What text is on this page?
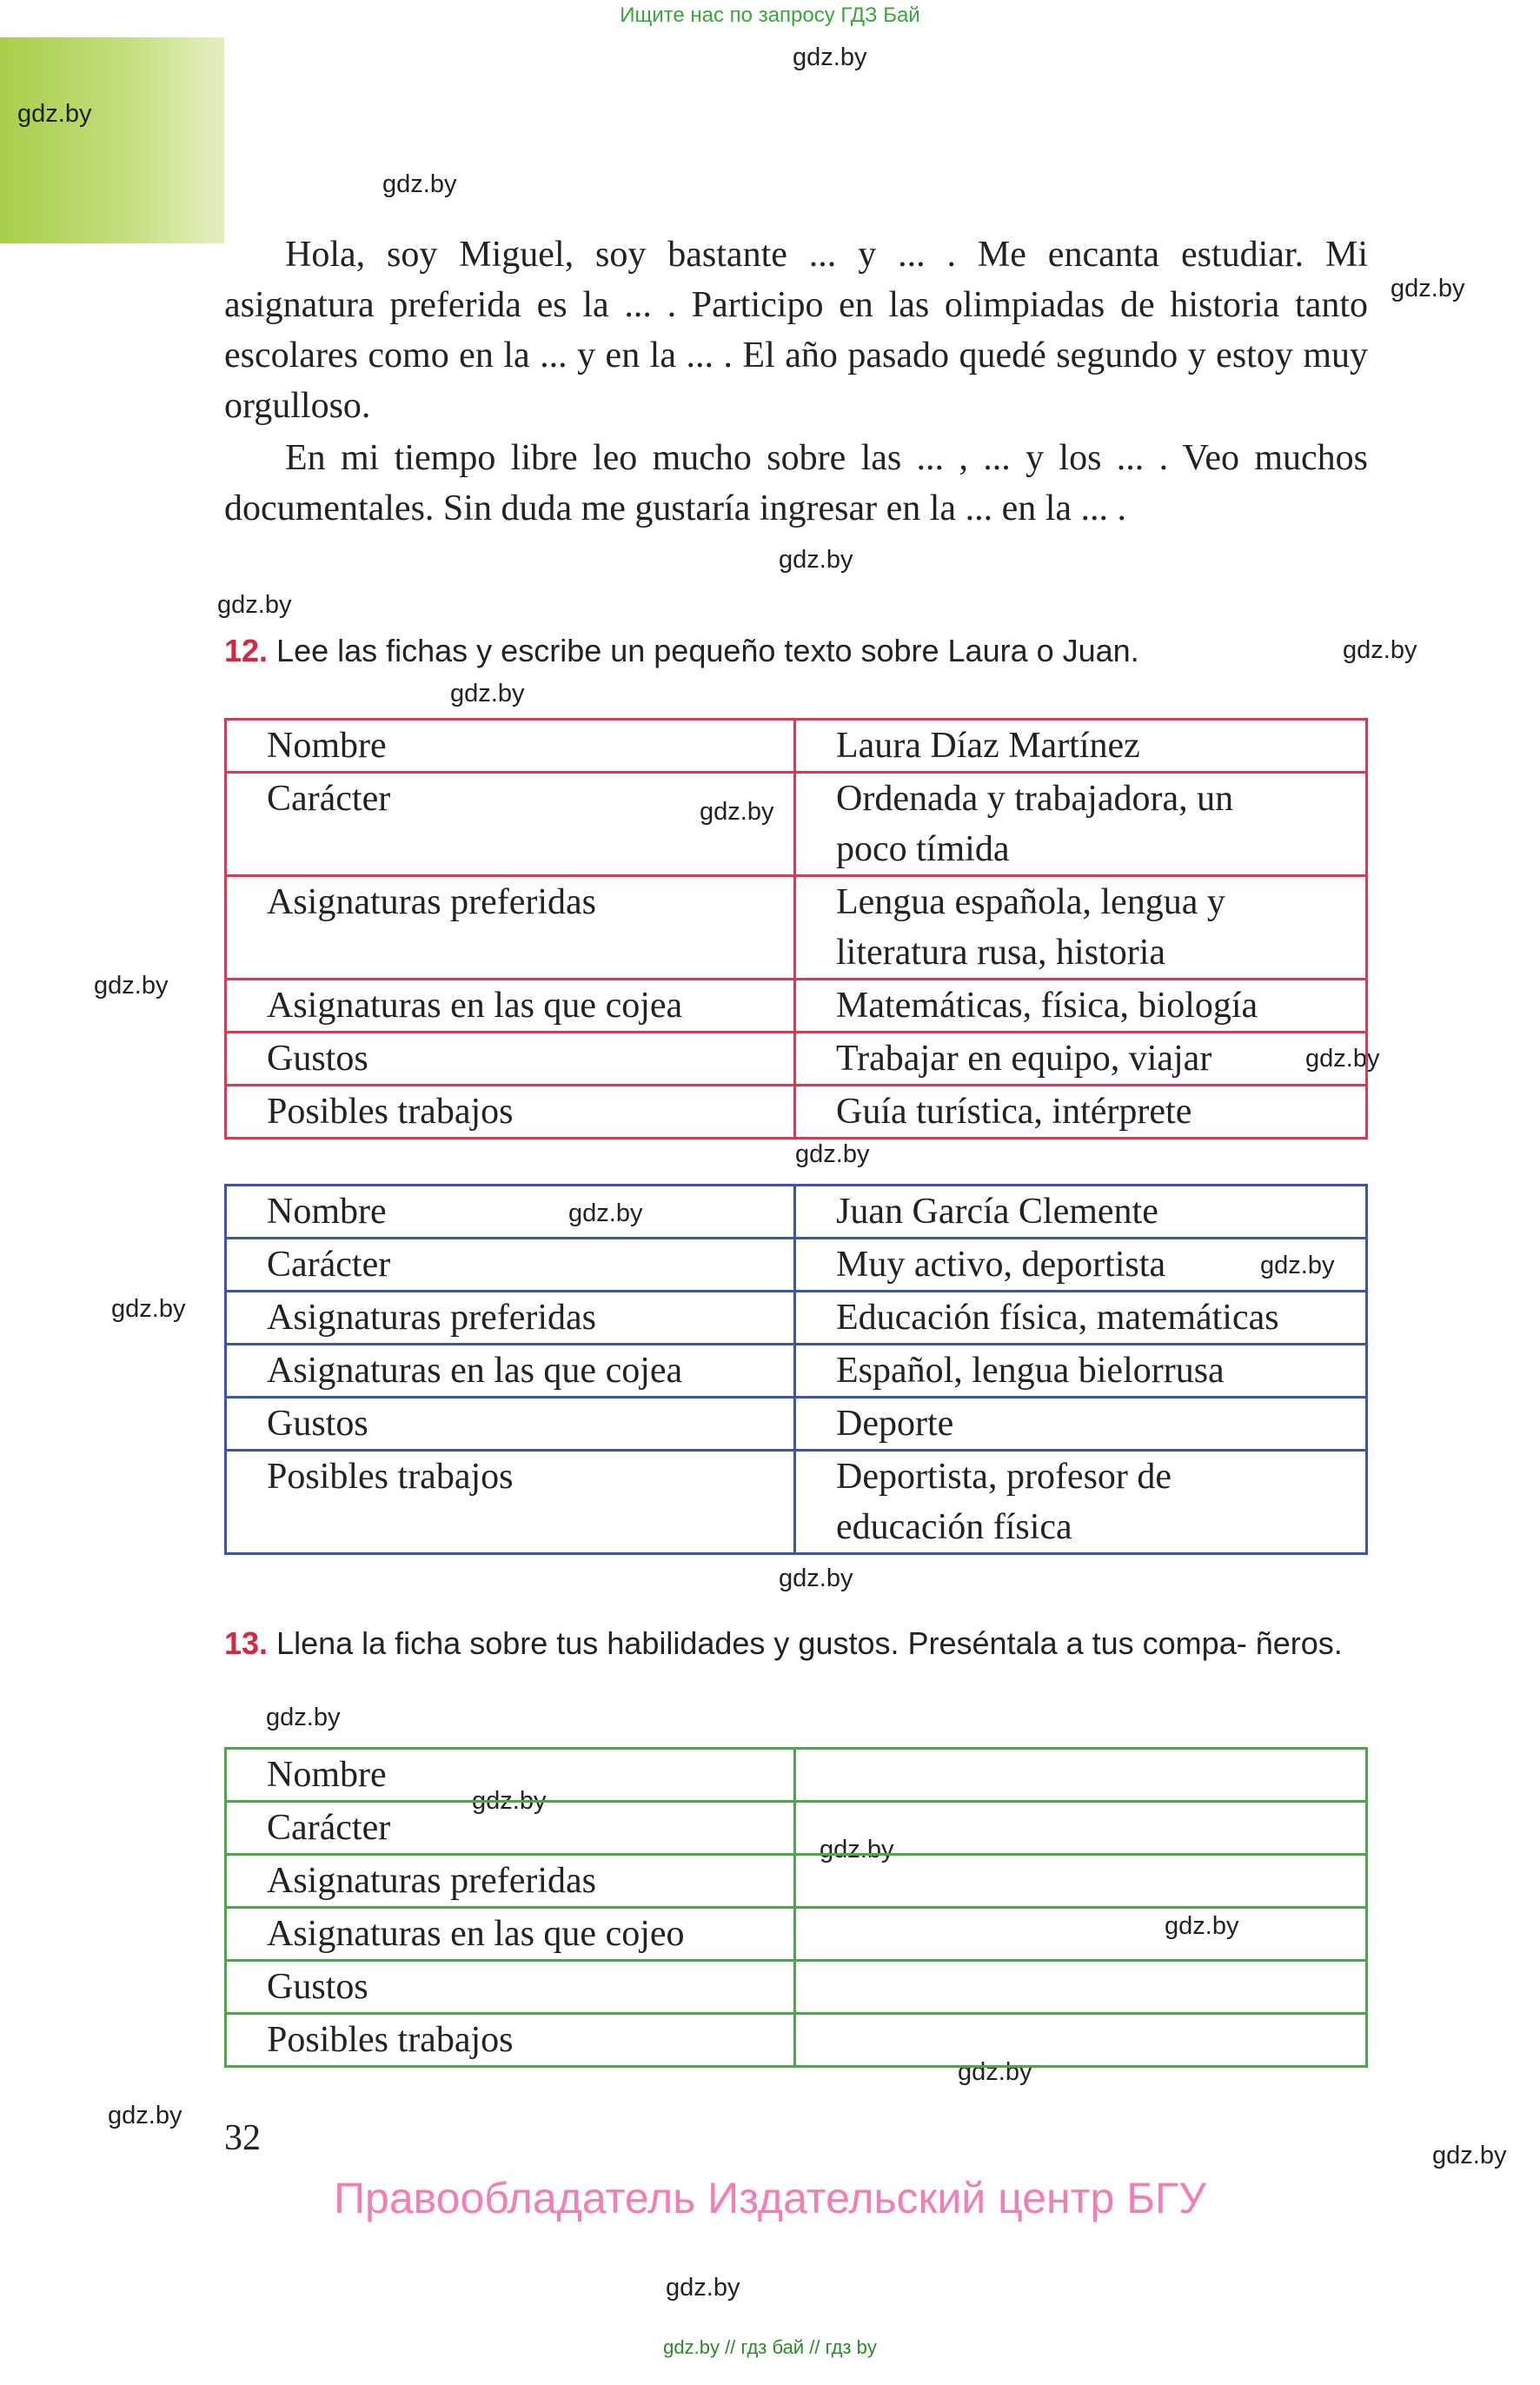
Ищите нас по запросу ГДЗ Бай
gdz.by
gdz.by
gdz.by
gdz.by
gdz.by
gdz.by
gdz.by
gdz.by
gdz.by
gdz.by
gdz.by
gdz.by
gdz.by
gdz.by
gdz.by
gdz.by
gdz.by
gdz.by
gdz.by
gdz.by
gdz.by
gdz.by
gdz.by
gdz.by

Hola, soy Miguel, soy bastante ... y ... . Me encanta estudiar. Mi asignatura preferida es la ... . Participo en las olimpiadas de historia tanto escolares como en la ... y en la ... . El año pasado quedé segundo y estoy muy orgulloso.

En mi tiempo libre leo mucho sobre las ... , ... y los ... . Veo muchos documentales. Sin duda me gustaría ingresar en la ... en la ... .

12. Lee las fichas y escribe un pequeño texto sobre Laura o Juan.
Nombre	Laura Díaz Martínez
Carácter	Ordenada y trabajadora, un poco tímida
Asignaturas preferidas	Lengua española, lengua y literatura rusa, historia
Asignaturas en las que cojea	Matemáticas, física, biología
Gustos	Trabajar en equipo, viajar
Posibles trabajos	Guía turística, intérprete
Nombre	Juan García Clemente
Carácter	Muy activo, deportista
Asignaturas preferidas	Educación física, matemáticas
Asignaturas en las que cojea	Español, lengua bielorrusa
Gustos	Deporte
Posibles trabajos	Deportista, profesor de educación física
13. Llena la ficha sobre tus habilidades y gustos. Preséntala a tus compa- ñeros.
Nombre	
Carácter	
Asignaturas preferidas	
Asignaturas en las que cojeo	
Gustos	
Posibles trabajos	
32
Правообладатель Издательский центр БГУ
gdz.by // гдз бай // гдз by
